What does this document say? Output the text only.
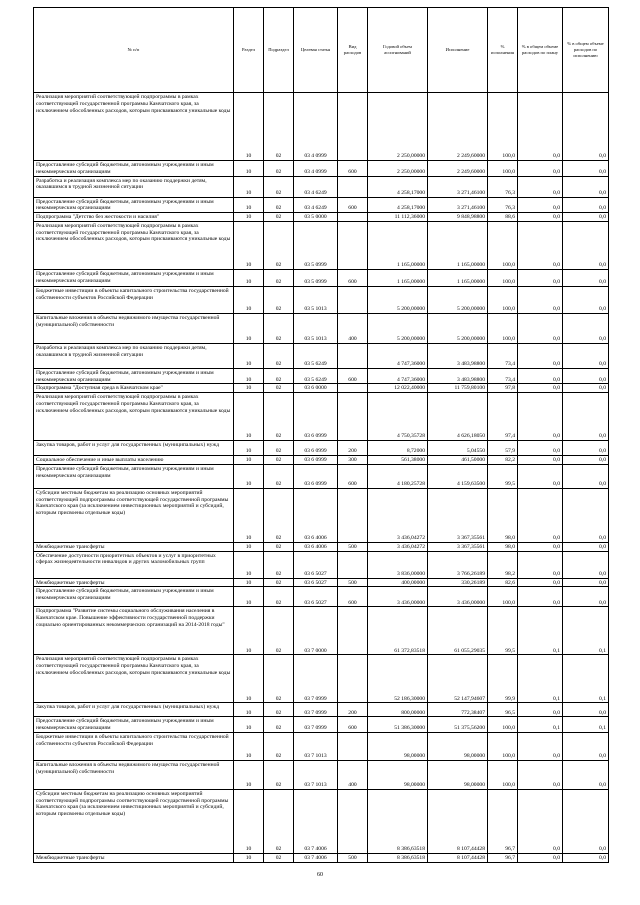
№ п/п	Раздел	Подраздел	Целевая статья	Вид расходов	Годовой объем ассигнований	Исполнение	% исполнения	% в общем объеме расходов по плану	% в общем объеме расходов по исполнению
Реализация мероприятий соответствующей подпрограммы в рамках соответствующей государственной программы Камчатского края, за исключением обособленных расходов, которым присваиваются уникальные коды	10	02	03 4 0999		2 250,00000	2 249,60000	100,0	0,0	0,0
Предоставление субсидий бюджетным, автономным учреждениям и иным некоммерческим организациям	10	02	03 4 0999	600	2 250,00000	2 249,60000	100,0	0,0	0,0
Разработка и реализация комплекса мер по оказанию поддержки детям, оказавшимся в трудной жизненной ситуации	10	02	03 4 6249		4 258,17000	3 271,46100	76,3	0,0	0,0
Предоставление субсидий бюджетным, автономным учреждениям и иным некоммерческим организациям	10	02	03 4 6249	600	4 258,17000	3 271,46100	76,3	0,0	0,0
Подпрограмма "Детство без жестокости и насилия"	10	02	03 5 0000		11 112,36000	9 848,98800	88,6	0,0	0,0
Реализация мероприятий соответствующей подпрограммы в рамках соответствующей государственной программы Камчатского края, за исключением обособленных расходов, которым присваиваются уникальные коды	10	02	03 5 0999		1 165,00000	1 165,00000	100,0	0,0	0,0
Предоставление субсидий бюджетным, автономным учреждениям и иным некоммерческим организациям	10	02	03 5 0999	600	1 165,00000	1 165,00000	100,0	0,0	0,0
Бюджетные инвестиции в объекты капитального строительства государственной собственности субъектов Российской Федерации	10	02	03 5 1013		5 200,00000	5 200,00000	100,0	0,0	0,0
Капитальные вложения в объекты недвижимого имущества государственной (муниципальной) собственности	10	02	03 5 1013	400	5 200,00000	5 200,00000	100,0	0,0	0,0
Разработка и реализация комплекса мер по оказанию поддержки детям, оказавшимся в трудной жизненной ситуации	10	02	03 5 6249		4 747,36000	3 483,98800	73,4	0,0	0,0
Предоставление субсидий бюджетным, автономным учреждениям и иным некоммерческим организациям	10	02	03 5 6249	600	4 747,36000	3 483,98800	73,4	0,0	0,0
Подпрограмма "Доступная среда в Камчатском крае"	10	02	03 6 0000		12 022,40000	11 759,80100	97,8	0,0	0,0
Реализация мероприятий соответствующей подпрограммы в рамках соответствующей государственной программы Камчатского края, за исключением обособленных расходов, которым присваиваются уникальные коды	10	02	03 6 0999		4 750,35728	4 626,18050	97,4	0,0	0,0
Закупка товаров, работ и услуг для государственных (муниципальных) нужд	10	02	03 6 0999	200	8,72000	5,04550	57,9	0,0	0,0
Социальное обеспечение и иные выплаты населению	10	02	03 6 0999	300	561,38000	461,50000	82,2	0,0	0,0
Предоставление субсидий бюджетным, автономным учреждениям и иным некоммерческим организациям	10	02	03 6 0999	600	4 180,25728	4 159,63500	99,5	0,0	0,0
Субсидии местным бюджетам на реализацию основных мероприятий соответствующей подпрограммы соответствующей государственной программы Камчатского края (за исключением инвестиционных мероприятий и субсидий, которым присвоены отдельные коды)	10	02	03 6 4006		3 436,04272	3 367,35561	98,0	0,0	0,0
Межбюджетные трансферты	10	02	03 6 4006	500	3 436,04272	3 367,35561	98,0	0,0	0,0
Обеспечение доступности приоритетных объектов и услуг в приоритетных сферах жизнедеятельности инвалидов и других маломобильных групп	10	02	03 6 5027		3 836,00000	3 766,26189	98,2	0,0	0,0
Межбюджетные трансферты	10	02	03 6 5027	500	400,00000	330,26189	82,6	0,0	0,0
Предоставление субсидий бюджетным, автономным учреждениям и иным некоммерческим организациям	10	02	03 6 5027	600	3 436,00000	3 436,00000	100,0	0,0	0,0
Подпрограмма "Развитие системы социального обслуживания населения в Камчатском крае. Повышение эффективности государственной поддержки социально ориентированных некоммерческих организаций на 2014-2018 годы"	10	02	03 7 0000		61 372,83518	61 055,29035	99,5	0,1	0,1
Реализация мероприятий соответствующей подпрограммы в рамках соответствующей государственной программы Камчатского края, за исключением обособленных расходов, которым присваиваются уникальные коды	10	02	03 7 0999		52 186,30000	52 147,94607	99,9	0,1	0,1
Закупка товаров, работ и услуг для государственных (муниципальных) нужд	10	02	03 7 0999	200	800,00000	772,38407	96,5	0,0	0,0
Предоставление субсидий бюджетным, автономным учреждениям и иным некоммерческим организациям	10	02	03 7 0999	600	51 386,30000	51 375,56200	100,0	0,1	0,1
Бюджетные инвестиции в объекты капитального строительства государственной собственности субъектов Российской Федерации	10	02	03 7 1013		98,00000	98,00000	100,0	0,0	0,0
Капитальные вложения в объекты недвижимого имущества государственной (муниципальной) собственности	10	02	03 7 1013	400	98,00000	98,00000	100,0	0,0	0,0
Субсидии местным бюджетам на реализацию основных мероприятий соответствующей подпрограммы соответствующей государственной программы Камчатского края (за исключением инвестиционных мероприятий и субсидий, которым присвоены отдельные коды)	10	02	03 7 4006		8 386,63518	8 107,44428	96,7	0,0	0,0
Межбюджетные трансферты	10	02	03 7 4006	500	8 386,63518	8 107,44428	96,7	0,0	0,0
60
